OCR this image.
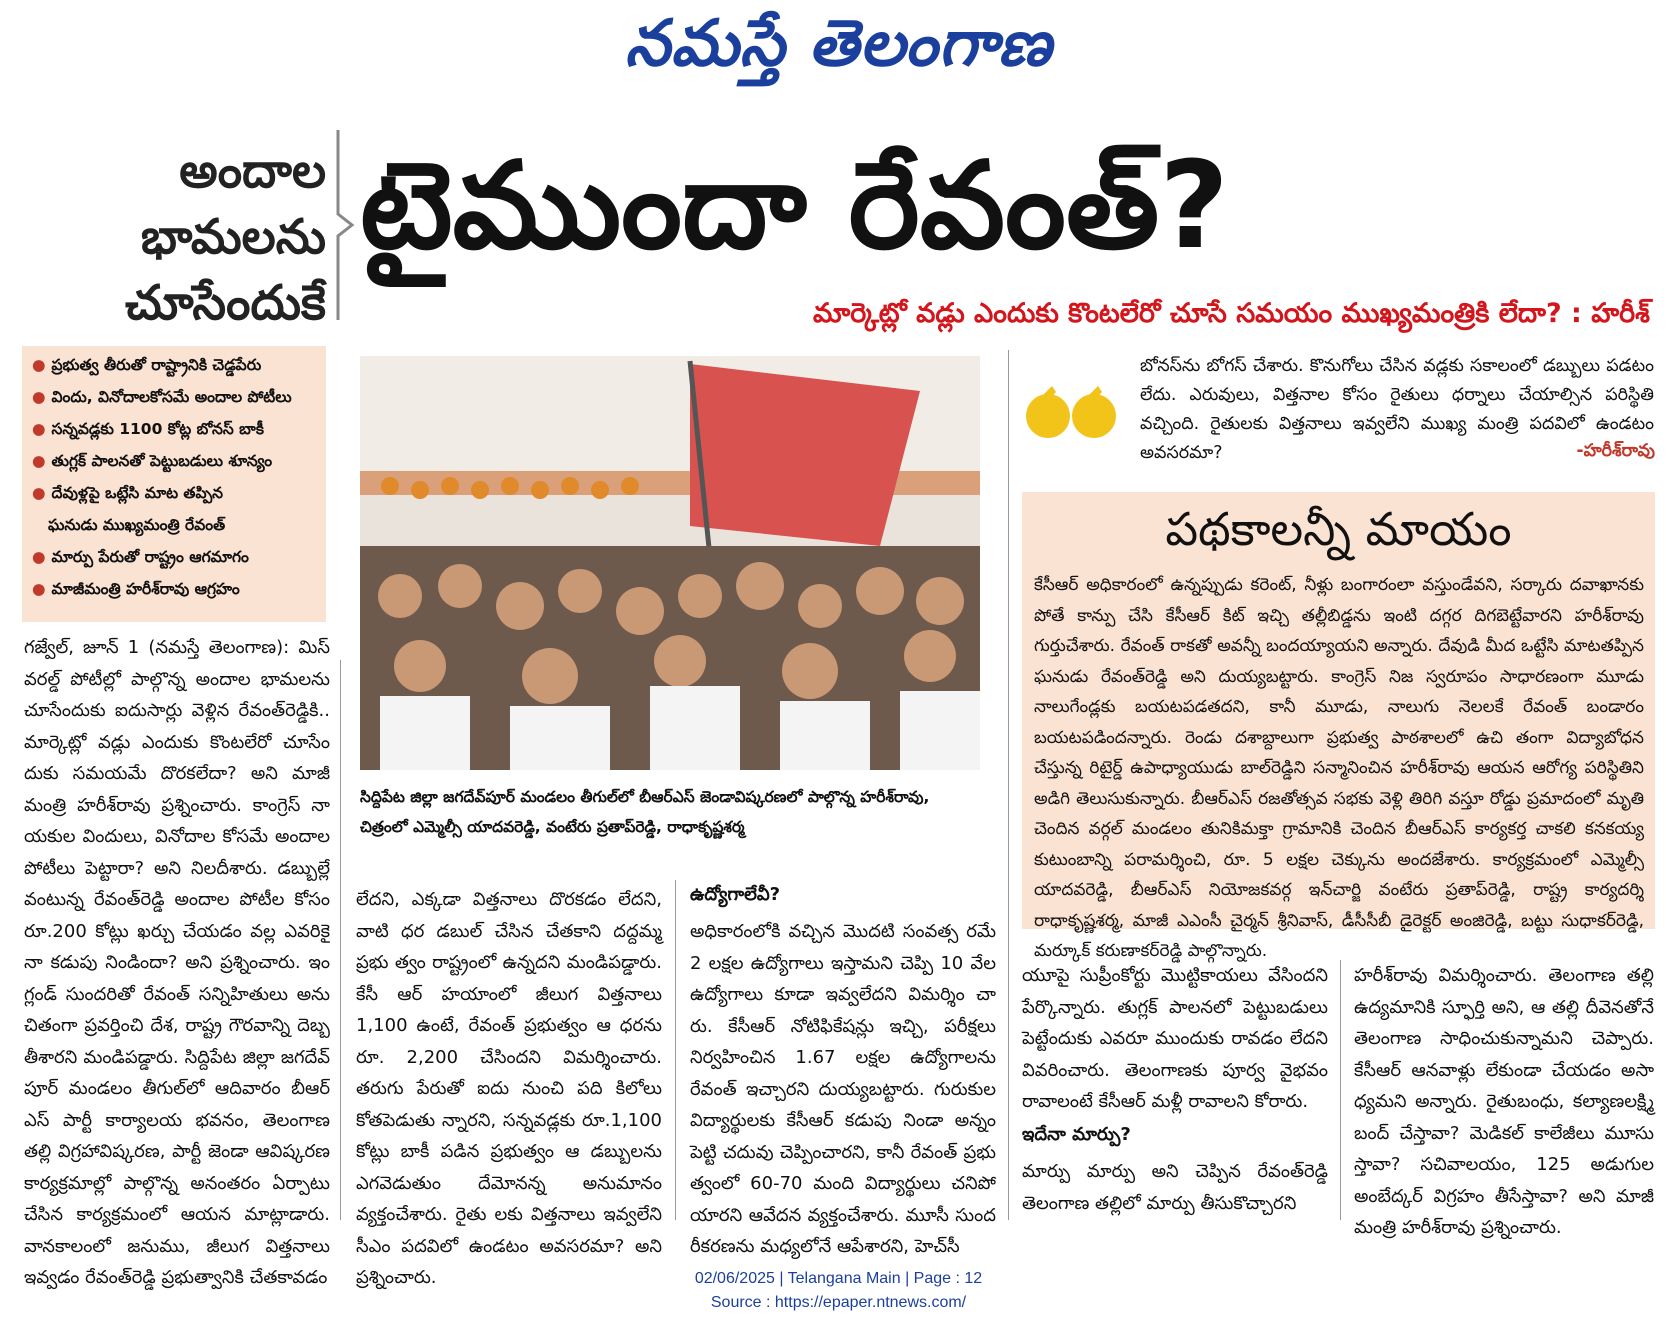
నమస్తే తెలంగాణ
అందాల
భామలను
చూసేందుకే
టైముందా రేవంత్?
మార్కెట్లో వడ్లు ఎందుకు కొంటలేరో చూసే సమయం ముఖ్యమంత్రికి లేదా? : హరీశ్
● ప్రభుత్వ తీరుతో రాష్ట్రానికి చెడ్డపేరు
● విందు, వినోదాలకోసమే అందాల పోటీలు
● సన్నవడ్లకు 1100 కోట్ల బోనస్ బాకీ
● తుగ్లక్ పాలనతో పెట్టుబడులు శూన్యం
● దేవుళ్లపై ఒట్లేసి మాట తప్పిన
ఘనుడు ముఖ్యమంత్రి రేవంత్
● మార్పు పేరుతో రాష్ట్రం ఆగమాగం
● మాజీమంత్రి హరీశ్‌రావు ఆగ్రహం
సిద్దిపేట జిల్లా జగదేవ్‌పూర్ మండలం తీగుల్‌లో బీఆర్‌ఎస్ జెండావిష్కరణలో పాల్గొన్న హరీశ్‌రావు, చిత్రంలో ఎమ్మెల్సీ యాదవరెడ్డి, వంటేరు ప్రతాప్‌రెడ్డి, రాధాకృష్ణశర్మ
బోనస్‌ను బోగస్ చేశారు. కొనుగోలు చేసిన వడ్లకు సకాలంలో డబ్బులు పడటం లేదు. ఎరువులు, విత్తనాల కోసం రైతులు ధర్నాలు చేయాల్సిన పరిస్థితి వచ్చింది. రైతులకు విత్తనాలు ఇవ్వలేని ముఖ్య మంత్రి పదవిలో ఉండటం అవసరమా?	-హరీశ్‌రావు
పథకాలన్నీ మాయం
కేసీఆర్ అధికారంలో ఉన్నప్పుడు కరెంట్, నీళ్లు బంగారంలా వస్తుండేవని, సర్కారు దవాఖానకు పోతే కాన్పు చేసి కేసీఆర్ కిట్ ఇచ్చి తల్లీబిడ్డను ఇంటి దగ్గర దిగబెట్టేవారని హరీశ్‌రావు గుర్తుచేశారు. రేవంత్ రాకతో అవన్నీ బందయ్యాయని అన్నారు. దేవుడి మీద ఒట్టేసి మాటతప్పిన ఘనుడు రేవంత్‌రెడ్డి అని దుయ్యబట్టారు. కాంగ్రెస్ నిజ స్వరూపం సాధారణంగా మూడు నాలుగేండ్లకు బయటపడతదని, కానీ మూడు, నాలుగు నెలలకే రేవంత్ బండారం బయటపడిందన్నారు. రెండు దశాబ్దాలుగా ప్రభుత్వ పాఠశాలలో ఉచి తంగా విద్యాబోధన చేస్తున్న రిటైర్డ్ ఉపాధ్యాయుడు బాల్‌రెడ్డిని సన్మానించిన హరీశ్‌రావు ఆయన ఆరోగ్య పరిస్థితిని అడిగి తెలుసుకున్నారు. బీఆర్‌ఎస్ రజతోత్సవ సభకు వెళ్లి తిరిగి వస్తూ రోడ్డు ప్రమాదంలో మృతి చెందిన వర్గల్ మండలం తునికిమక్తా గ్రామానికి చెందిన బీఆర్‌ఎస్ కార్యకర్త చాకలి కనకయ్య కుటుంబాన్ని పరామర్శించి, రూ. 5 లక్షల చెక్కును అందజేశారు. కార్యక్రమంలో ఎమ్మెల్సీ యాదవరెడ్డి, బీఆర్‌ఎస్ నియోజకవర్గ ఇన్‌చార్జి వంటేరు ప్రతాప్‌రెడ్డి, రాష్ట్ర కార్యదర్శి రాధాకృష్ణశర్మ, మాజీ ఎఎంసీ చైర్మన్ శ్రీనివాస్, డీసీసీబీ డైరెక్టర్ అంజిరెడ్డి, బట్టు సుధాకర్‌రెడ్డి, మర్కూక్ కరుణాకర్‌రెడ్డి పాల్గొన్నారు.
గజ్వేల్, జూన్ 1 (నమస్తే తెలంగాణ): మిస్ వరల్డ్ పోటీల్లో పాల్గొన్న అందాల భామలను చూసేందుకు ఐదుసార్లు వెళ్లిన రేవంత్‌రెడ్డికి.. మార్కెట్లో వడ్లు ఎందుకు కొంటలేరో చూసేం దుకు సమయమే దొరకలేదా? అని మాజీ మంత్రి హరీశ్‌రావు ప్రశ్నించారు. కాంగ్రెస్ నా యకుల విందులు, వినోదాల కోసమే అందాల పోటీలు పెట్టారా? అని నిలదీశారు. డబ్బుల్లే వంటున్న రేవంత్‌రెడ్డి అందాల పోటీల కోసం రూ.200 కోట్లు ఖర్చు చేయడం వల్ల ఎవరికై నా కడుపు నిండిందా? అని ప్రశ్నించారు. ఇం గ్లండ్ సుందరితో రేవంత్ సన్నిహితులు అను చితంగా ప్రవర్తించి దేశ, రాష్ట్ర గౌరవాన్ని దెబ్బ తీశారని మండిపడ్డారు. సిద్దిపేట జిల్లా జగదేవ్ పూర్ మండలం తీగుల్‌లో ఆదివారం బీఆర్ ఎస్ పార్టీ కార్యాలయ భవనం, తెలంగాణ తల్లి విగ్రహావిష్కరణ, పార్టీ జెండా ఆవిష్కరణ కార్యక్రమాల్లో పాల్గొన్న అనంతరం ఏర్పాటు చేసిన కార్యక్రమంలో ఆయన మాట్లాడారు. వానకాలంలో జనుము, జీలుగ విత్తనాలు ఇవ్వడం రేవంత్‌రెడ్డి ప్రభుత్వానికి చేతకావడం
లేదని, ఎక్కడా విత్తనాలు దొరకడం లేదని, వాటి ధర డబుల్ చేసిన చేతకాని దద్దమ్మ ప్రభు త్వం రాష్ట్రంలో ఉన్నదని మండిపడ్డారు. కేసీ ఆర్ హయాంలో జీలుగ విత్తనాలు 1,100 ఉంటే, రేవంత్ ప్రభుత్వం ఆ ధరను రూ. 2,200 చేసిందని విమర్శించారు. తరుగు పేరుతో ఐదు నుంచి పది కిలోలు కోతపెడుతు న్నారని, సన్నవడ్లకు రూ.1,100 కోట్లు బాకీ పడిన ప్రభుత్వం ఆ డబ్బులను ఎగవెడుతుం దేమోనన్న అనుమానం వ్యక్తంచేశారు. రైతు లకు విత్తనాలు ఇవ్వలేని సీఎం పదవిలో ఉండటం అవసరమా? అని ప్రశ్నించారు.
ఉద్యోగాలేవీ?
అధికారంలోకి వచ్చిన మొదటి సంవత్స రమే 2 లక్షల ఉద్యోగాలు ఇస్తామని చెప్పి 10 వేల ఉద్యోగాలు కూడా ఇవ్వలేదని విమర్శిం చా రు. కేసీఆర్ నోటిఫికేషన్లు ఇచ్చి, పరీక్షలు నిర్వహించిన 1.67 లక్షల ఉద్యోగాలను రేవంత్ ఇచ్చారని దుయ్యబట్టారు. గురుకుల విద్యార్థులకు కేసీఆర్ కడుపు నిండా అన్నం పెట్టి చదువు చెప్పించారని, కానీ రేవంత్ ప్రభు త్వంలో 60-70 మంది విద్యార్థులు చనిపో యారని ఆవేదన వ్యక్తంచేశారు. మూసీ సుంద రీకరణను మధ్యలోనే ఆపేశారని, హెచ్‌సీ
యూపై సుప్రీంకోర్టు మొట్టికాయలు వేసిందని పేర్కొన్నారు. తుగ్లక్ పాలనలో పెట్టుబడులు పెట్టేందుకు ఎవరూ ముందుకు రావడం లేదని వివరించారు. తెలంగాణకు పూర్వ వైభవం రావాలంటే కేసీఆర్ మళ్లీ రావాలని కోరారు.
ఇదేనా మార్పు?
మార్పు మార్పు అని చెప్పిన రేవంత్‌రెడ్డి తెలంగాణ తల్లిలో మార్పు తీసుకొచ్చారని
హరీశ్‌రావు విమర్శించారు. తెలంగాణ తల్లి ఉద్యమానికి స్ఫూర్తి అని, ఆ తల్లి దీవెనతోనే తెలంగాణ సాధించుకున్నామని చెప్పారు. కేసీఆర్ ఆనవాళ్లు లేకుండా చేయడం అసా ధ్యమని అన్నారు. రైతుబంధు, కల్యాణలక్ష్మి బంద్ చేస్తావా? మెడికల్ కాలేజీలు మూసు స్తావా? సచివాలయం, 125 అడుగుల అంబేద్కర్ విగ్రహం తీసేస్తావా? అని మాజీ మంత్రి హరీశ్‌రావు ప్రశ్నించారు.
02/06/2025 | Telangana Main | Page : 12
Source : https://epaper.ntnews.com/
